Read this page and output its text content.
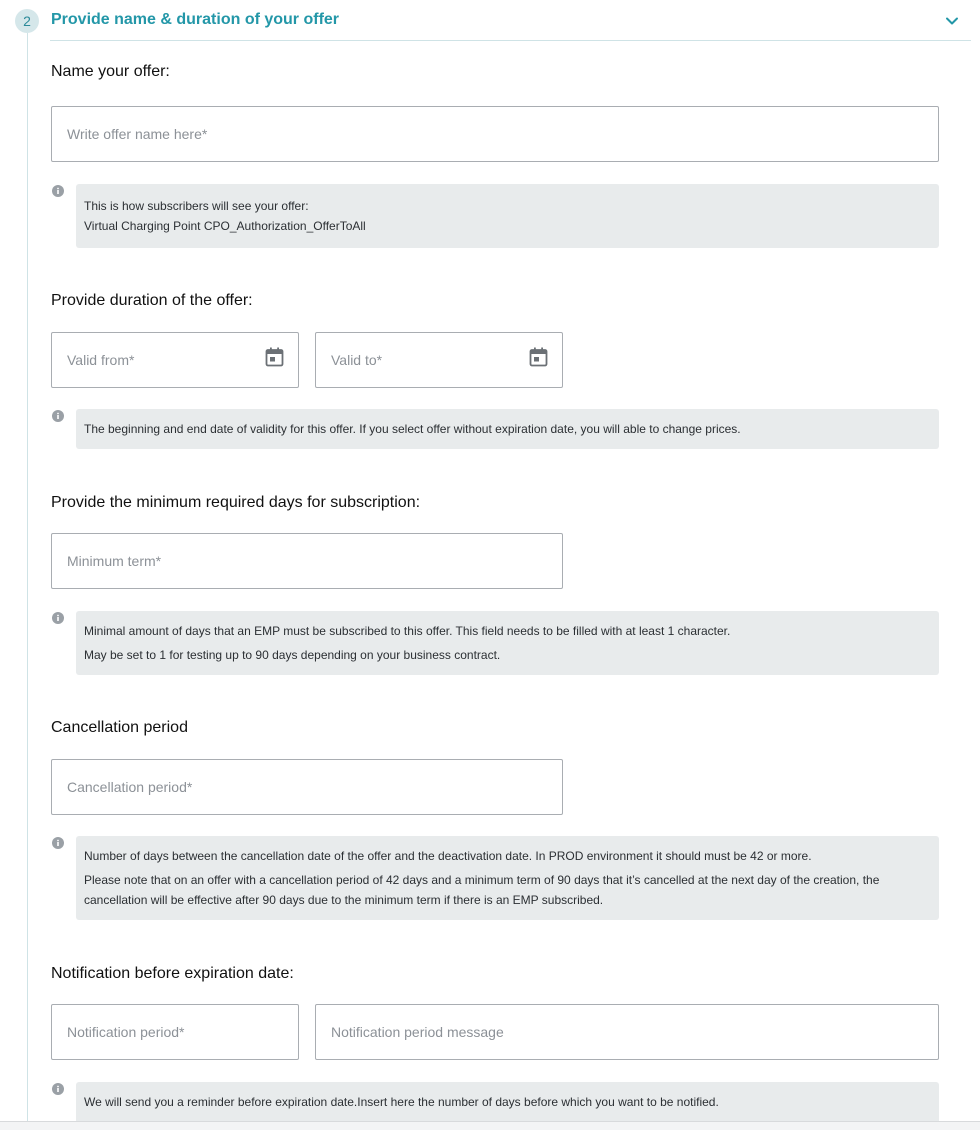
2	Provide name & duration of your offer
Name your offer:
Write offer name here*
This is how subscribers will see your offer:
Virtual Charging Point CPO_Authorization_OfferToAll
Provide duration of the offer:
Valid from*
Valid to*
The beginning and end date of validity for this offer. If you select offer without expiration date, you will able to change prices.
Provide the minimum required days for subscription:
Minimum term*
Minimal amount of days that an EMP must be subscribed to this offer. This field needs to be filled with at least 1 character.
May be set to 1 for testing up to 90 days depending on your business contract.
Cancellation period
Cancellation period*
Number of days between the cancellation date of the offer and the deactivation date. In PROD environment it should must be 42 or more.
Please note that on an offer with a cancellation period of 42 days and a minimum term of 90 days that it’s cancelled at the next day of the creation, the cancellation will be effective after 90 days due to the minimum term if there is an EMP subscribed.
Notification before expiration date:
Notification period*
Notification period message
We will send you a reminder before expiration date.Insert here the number of days before which you want to be notified.
